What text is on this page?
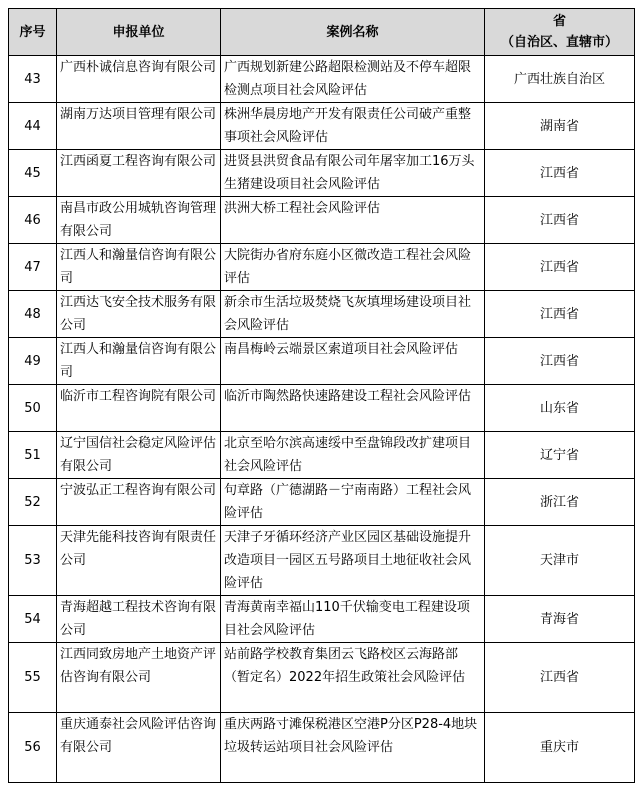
序号	申报单位	案例名称	省
（自治区、直辖市）

43	广西朴诚信息咨询有限公司	广西规划新建公路超限检测站及不停车超限检测点项目社会风险评估	广西壮族自治区
44	湖南万达项目管理有限公司	株洲华晨房地产开发有限责任公司破产重整事项社会风险评估	湖南省
45	江西函夏工程咨询有限公司	进贤县洪贸食品有限公司年屠宰加工16万头生猪建设项目社会风险评估	江西省
46	南昌市政公用城轨咨询管理有限公司	洪洲大桥工程社会风险评估	江西省
47	江西人和瀚量信咨询有限公司	大院街办省府东庭小区微改造工程社会风险评估	江西省
48	江西达飞安全技术服务有限公司	新余市生活垃圾焚烧飞灰填埋场建设项目社会风险评估	江西省
49	江西人和瀚量信咨询有限公司	南昌梅岭云端景区索道项目社会风险评估	江西省
50	临沂市工程咨询院有限公司	临沂市陶然路快速路建设工程社会风险评估	山东省
51	辽宁国信社会稳定风险评估有限公司	北京至哈尔滨高速绥中至盘锦段改扩建项目社会风险评估	辽宁省
52	宁波弘正工程咨询有限公司	句章路（广德湖路－宁南南路）工程社会风险评估	浙江省
53	天津先能科技咨询有限责任公司	天津子牙循环经济产业区园区基础设施提升改造项目一园区五号路项目土地征收社会风险评估	天津市
54	青海超越工程技术咨询有限公司	青海黄南幸福山110千伏输变电工程建设项目社会风险评估	青海省
55	江西同致房地产土地资产评估咨询有限公司	站前路学校教育集团云飞路校区云海路部（暂定名）2022年招生政策社会风险评估	江西省
56	重庆通泰社会风险评估咨询有限公司	重庆两路寸滩保税港区空港P分区P28-4地块垃圾转运站项目社会风险评估	重庆市
